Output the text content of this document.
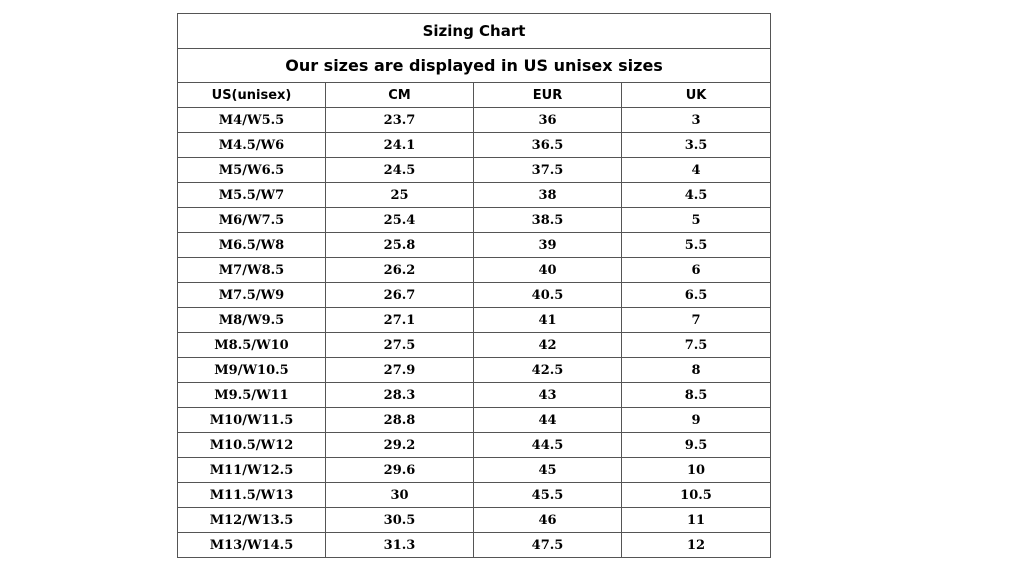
Sizing Chart			
Our sizes are displayed in US unisex sizes			
US(unisex)	CM	EUR	UK
M4/W5.5	23.7	36	3
M4.5/W6	24.1	36.5	3.5
M5/W6.5	24.5	37.5	4
M5.5/W7	25	38	4.5
M6/W7.5	25.4	38.5	5
M6.5/W8	25.8	39	5.5
M7/W8.5	26.2	40	6
M7.5/W9	26.7	40.5	6.5
M8/W9.5	27.1	41	7
M8.5/W10	27.5	42	7.5
M9/W10.5	27.9	42.5	8
M9.5/W11	28.3	43	8.5
M10/W11.5	28.8	44	9
M10.5/W12	29.2	44.5	9.5
M11/W12.5	29.6	45	10
M11.5/W13	30	45.5	10.5
M12/W13.5	30.5	46	11
M13/W14.5	31.3	47.5	12
